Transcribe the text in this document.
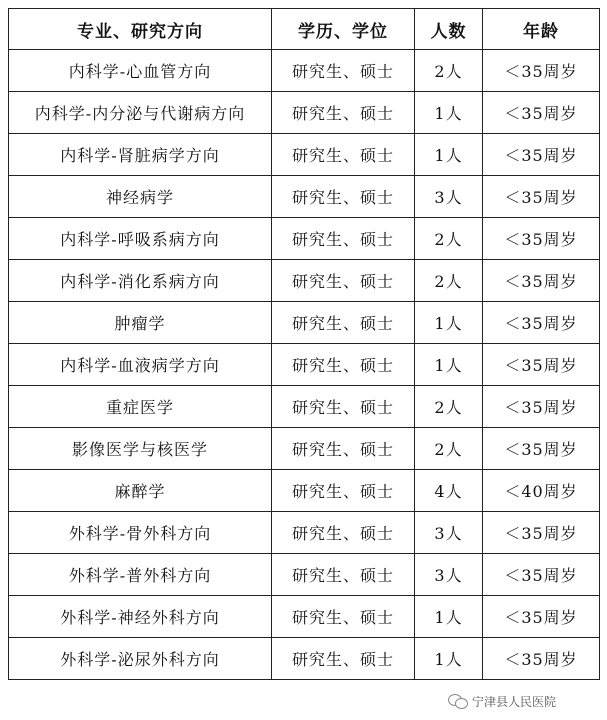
专业、研究方向	学历、学位	人数	年龄
内科学-心血管方向	研究生、硕士	2人	＜35周岁
内科学-内分泌与代谢病方向	研究生、硕士	1人	＜35周岁
内科学-肾脏病学方向	研究生、硕士	1人	＜35周岁
神经病学	研究生、硕士	3人	＜35周岁
内科学-呼吸系病方向	研究生、硕士	2人	＜35周岁
内科学-消化系病方向	研究生、硕士	2人	＜35周岁
肿瘤学	研究生、硕士	1人	＜35周岁
内科学-血液病学方向	研究生、硕士	1人	＜35周岁
重症医学	研究生、硕士	2人	＜35周岁
影像医学与核医学	研究生、硕士	2人	＜35周岁
麻醉学	研究生、硕士	4人	＜40周岁
外科学-骨外科方向	研究生、硕士	3人	＜35周岁
外科学-普外科方向	研究生、硕士	3人	＜35周岁
外科学-神经外科方向	研究生、硕士	1人	＜35周岁
外科学-泌尿外科方向	研究生、硕士	1人	＜35周岁
宁津县人民医院
